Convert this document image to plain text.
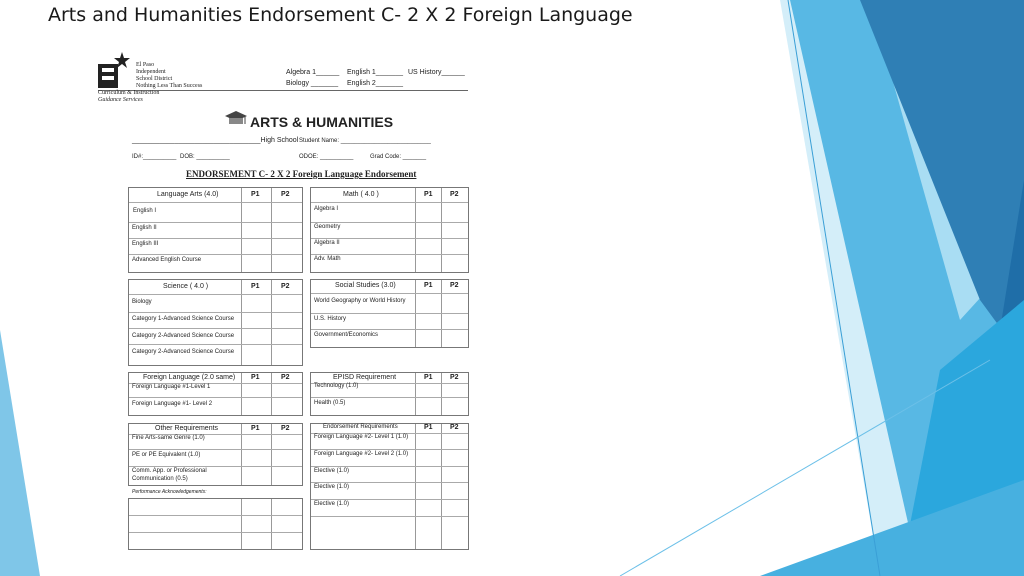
Arts and Humanities Endorsement C- 2 X 2 Foreign Language
El Paso
Independent
School District
Nothing Less Than Success
Curriculum & Instruction
Guidance Services
Algebra 1______ English 1_______ US History______
Biology _______ English 2_______
ARTS & HUMANITIES
_________________________________High School Student Name: ___________________________
ID#:__________ DOB: __________	ODOE: __________	Grad Code: _______
ENDORSEMENT C- 2 X 2 Foreign Language Endorsement
Language Arts (4.0)	P1	P2
English I
English II
English III
Advanced English Course
Math ( 4.0 )	P1 P2
Algebra I
Geometry
Algebra II
Adv. Math
Science ( 4.0 )	P1	P2
Biology
Category 1-Advanced Science Course
Category 2-Advanced Science Course
Category 2-Advanced Science Course
Social Studies (3.0)	P1 P2
World Geography or World History
U.S. History
Government/Economics
Foreign Language (2.0 same) P1	P2
Foreign Language #1-Level 1
Foreign Language #1- Level 2
EPISD Requirement	P1 P2
Technology (1.0)
Health (0.5)
Other Requirements	P1	P2
Fine Arts-same Genre (1.0)
PE or PE Equivalent (1.0)
Comm. App. or Professional
Communication (0.5)
Endorsement Requirements	P1 P2
Foreign Language #2- Level 1 (1.0)
Foreign Language #2- Level 2 (1.0)
Elective (1.0)
Elective (1.0)
Elective (1.0)
Performance Acknowledgements:
